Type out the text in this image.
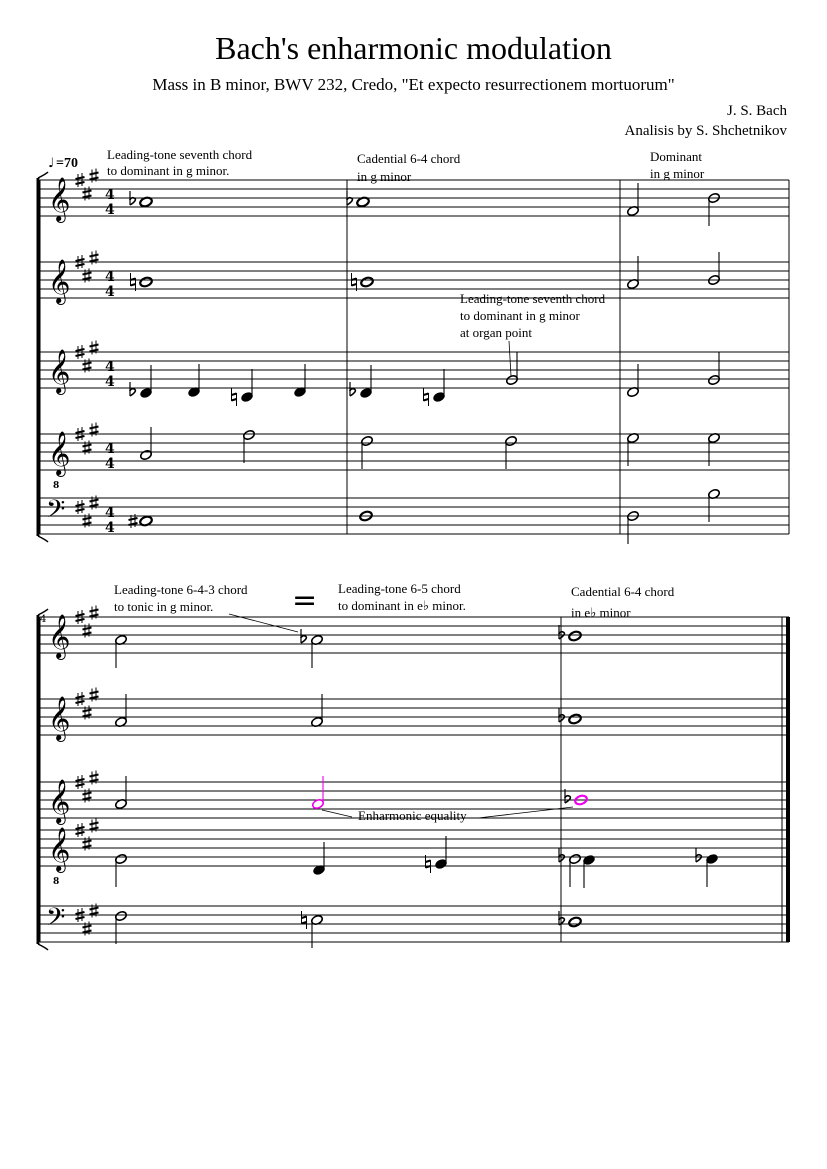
Bach's enharmonic modulation
Mass in B minor, BWV 232, Credo, "Et expecto resurrectionem mortuorum"
J. S. Bach
Analisis by S. Shchetnikov
♩ =70
Leading-tone seventh chord
to dominant in g minor.
Cadential 6-4 chord
in g minor
Dominant
in g minor
Leading-tone seventh chord
to dominant in g minor
at organ point
Leading-tone 6-4-3 chord
to tonic in g minor.	= Leading-tone 6-5 chord
to dominant in e♭ minor.
Cadential 6-4 chord
in e♭ minor
Enharmonic equality
4
4
4
4
4
4
4
4
4
4
4
𝄞
𝄞
𝄞
𝄞
8
𝄢
𝄞
𝄞
𝄞
𝄞
8
𝄢
